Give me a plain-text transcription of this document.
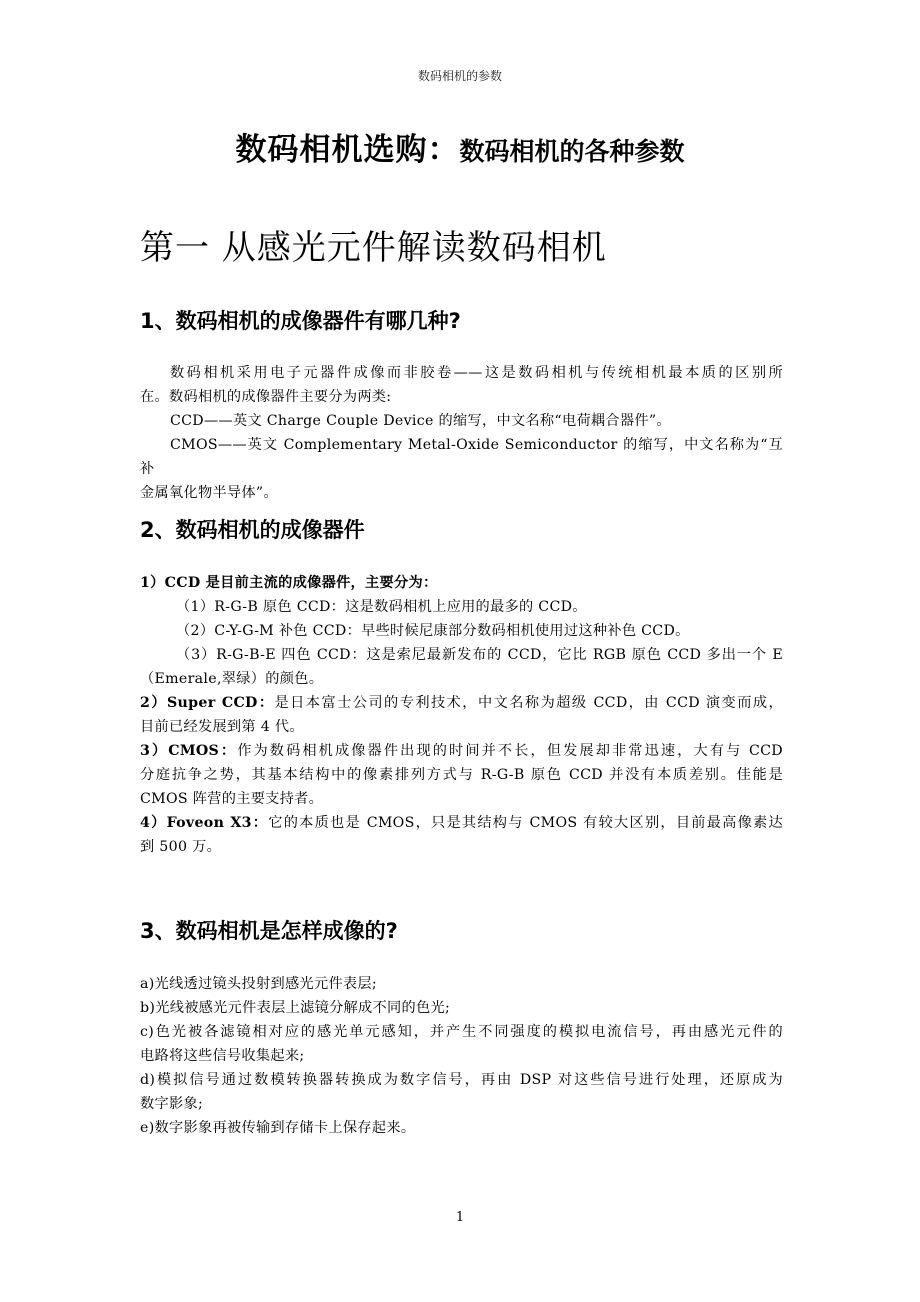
数码相机的参数
数码相机选购：数码相机的各种参数
第一 从感光元件解读数码相机
1、数码相机的成像器件有哪几种?

数码相机采用电子元器件成像而非胶卷——这是数码相机与传统相机最本质的区别所

在。数码相机的成像器件主要分为两类:

CCD——英文 Charge Couple Device 的缩写，中文名称“电荷耦合器件”。

CMOS——英文 Complementary Metal-Oxide Semiconductor 的缩写，中文名称为“互补

金属氧化物半导体”。

2、数码相机的成像器件

1）CCD 是目前主流的成像器件，主要分为：

（1）R-G-B 原色 CCD：这是数码相机上应用的最多的 CCD。

（2）C-Y-G-M 补色 CCD：早些时候尼康部分数码相机使用过这种补色 CCD。

（3）R-G-B-E 四色 CCD：这是索尼最新发布的 CCD，它比 RGB 原色 CCD 多出一个 E

（Emerale,翠绿）的颜色。

2）Super CCD：是日本富士公司的专利技术，中文名称为超级 CCD，由 CCD 演变而成，

目前已经发展到第 4 代。

3）CMOS：作为数码相机成像器件出现的时间并不长，但发展却非常迅速，大有与 CCD

分庭抗争之势，其基本结构中的像素排列方式与 R-G-B 原色 CCD 并没有本质差别。佳能是

CMOS 阵营的主要支持者。

4）Foveon X3：它的本质也是 CMOS，只是其结构与 CMOS 有较大区别，目前最高像素达

到 500 万。

3、数码相机是怎样成像的?

a)光线透过镜头投射到感光元件表层;

b)光线被感光元件表层上滤镜分解成不同的色光;

c)色光被各滤镜相对应的感光单元感知，并产生不同强度的模拟电流信号，再由感光元件的

电路将这些信号收集起来;

d)模拟信号通过数模转换器转换成为数字信号，再由 DSP 对这些信号进行处理，还原成为

数字影象;

e)数字影象再被传输到存储卡上保存起来。

1
